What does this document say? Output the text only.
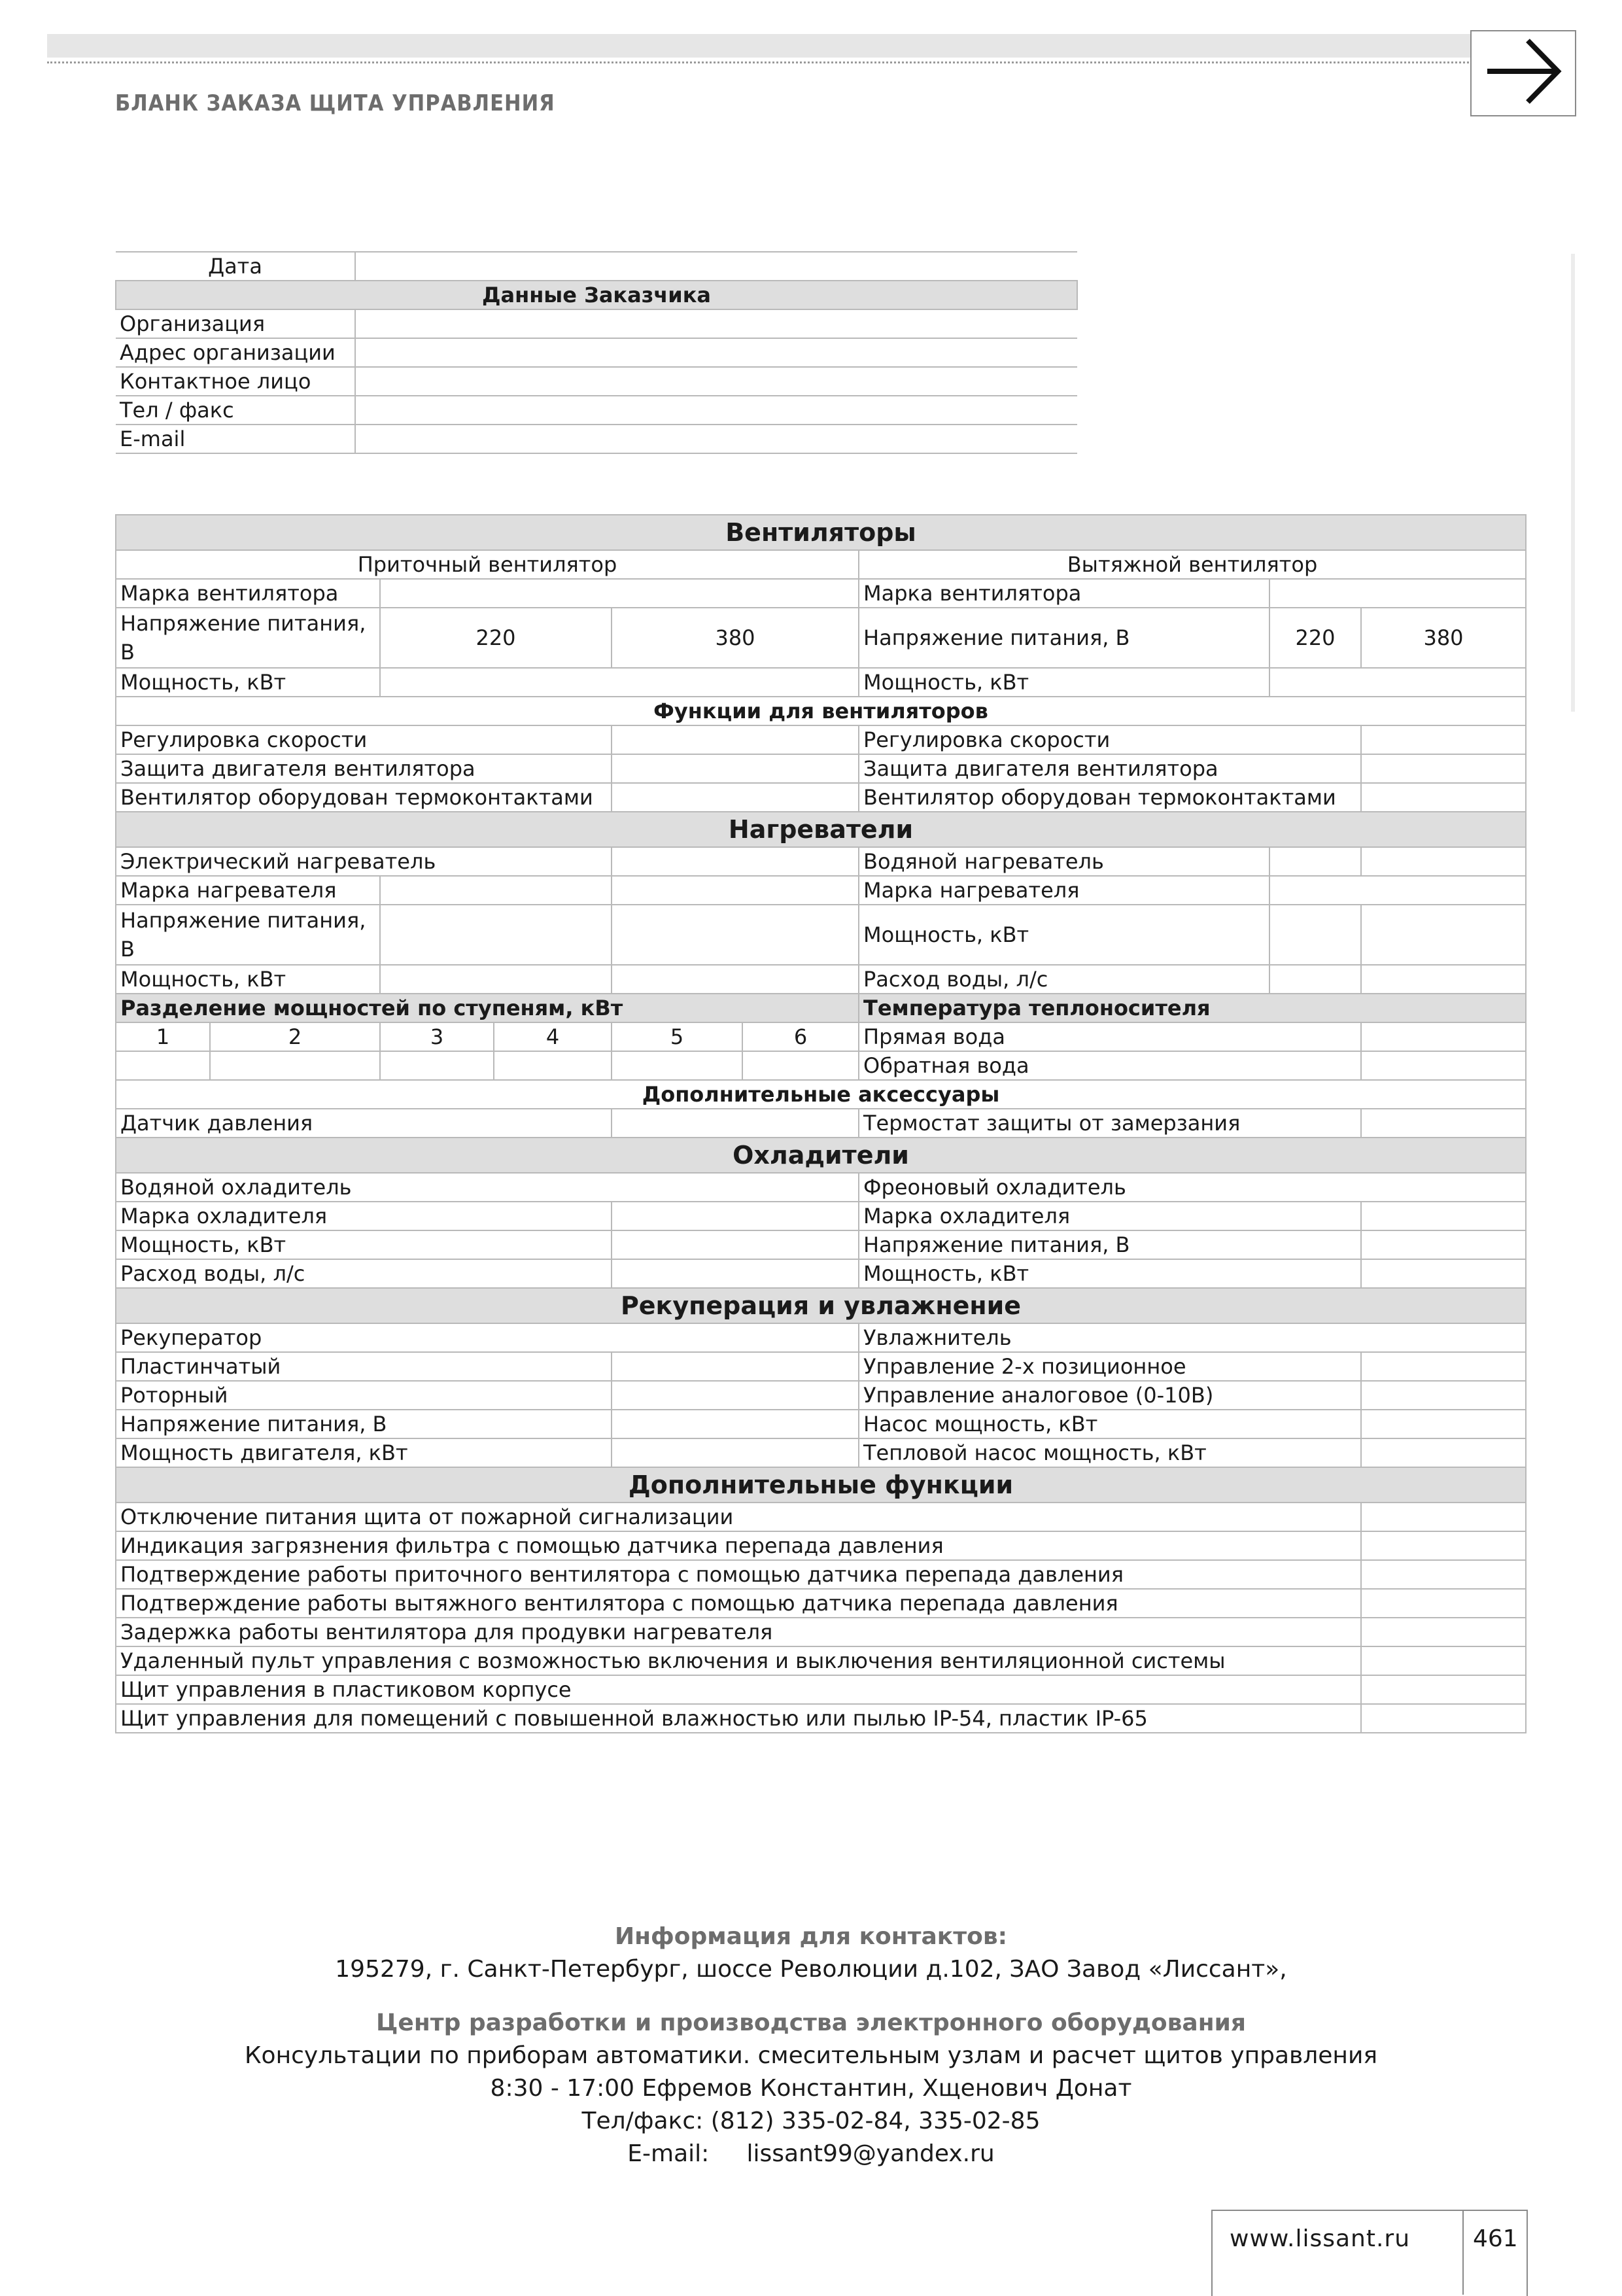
БЛАНК ЗАКАЗА ЩИТА УПРАВЛЕНИЯ
Дата	
Данные Заказчика	
Организация	
Адрес организации	
Контактное лицо	
Тел / факс	
E-mail	
Вентиляторы								
Приточный вентилятор						Вытяжной вентилятор		
Марка вентилятора						Марка вентилятора		
Напряжение питания, В		220		380		Напряжение питания, В	220	380
Мощность, кВт						Мощность, кВт		
Функции для вентиляторов								
Регулировка скорости						Регулировка скорости		
Защита двигателя вентилятора						Защита двигателя вентилятора		
Вентилятор оборудован термоконтактами						Вентилятор оборудован термоконтактами		
Нагреватели								
Электрический нагреватель						Водяной нагреватель		
Марка нагревателя						Марка нагревателя		
Напряжение питания, В						Мощность, кВт		
Мощность, кВт						Расход воды, л/с		
Разделение мощностей по ступеням, кВт						Температура теплоносителя		
1	2	3	4	5	6	Прямая вода		
						Обратная вода		
Дополнительные аксессуары								
Датчик давления						Термостат защиты от замерзания		
Охладители								
Водяной охладитель						Фреоновый охладитель		
Марка охладителя						Марка охладителя		
Мощность, кВт						Напряжение питания, В		
Расход воды, л/с						Мощность, кВт		
Рекуперация и увлажнение								
Рекуператор						Увлажнитель		
Пластинчатый						Управление 2-х позиционное		
Роторный						Управление аналоговое (0-10В)		
Напряжение питания, В						Насос мощность, кВт		
Мощность двигателя, кВт						Тепловой насос мощность, кВт		
Дополнительные функции								
Отключение питания щита от пожарной сигнализации								
Индикация загрязнения фильтра с помощью датчика перепада давления								
Подтверждение работы приточного вентилятора с помощью датчика перепада давления								
Подтверждение работы вытяжного вентилятора с помощью датчика перепада давления								
Задержка работы вентилятора для продувки нагревателя								
Удаленный пульт управления с возможностью включения и выключения вентиляционной системы								
Щит управления в пластиковом корпусе								
Щит управления для помещений с повышенной влажностью или пылью IP-54, пластик IP-65								
Информация для контактов:
195279, г. Санкт-Петербург, шоссе Революции д.102, ЗАО Завод «Лиссант»,
Центр разработки и производства электронного оборудования
Консультации по приборам автоматики. смесительным узлам и расчет щитов управления
8:30 - 17:00 Ефремов Константин, Хщенович Донат
Тел/факс: (812) 335-02-84, 335-02-85
E-mail:     lissant99@yandex.ru
www.lissant.ru	461
